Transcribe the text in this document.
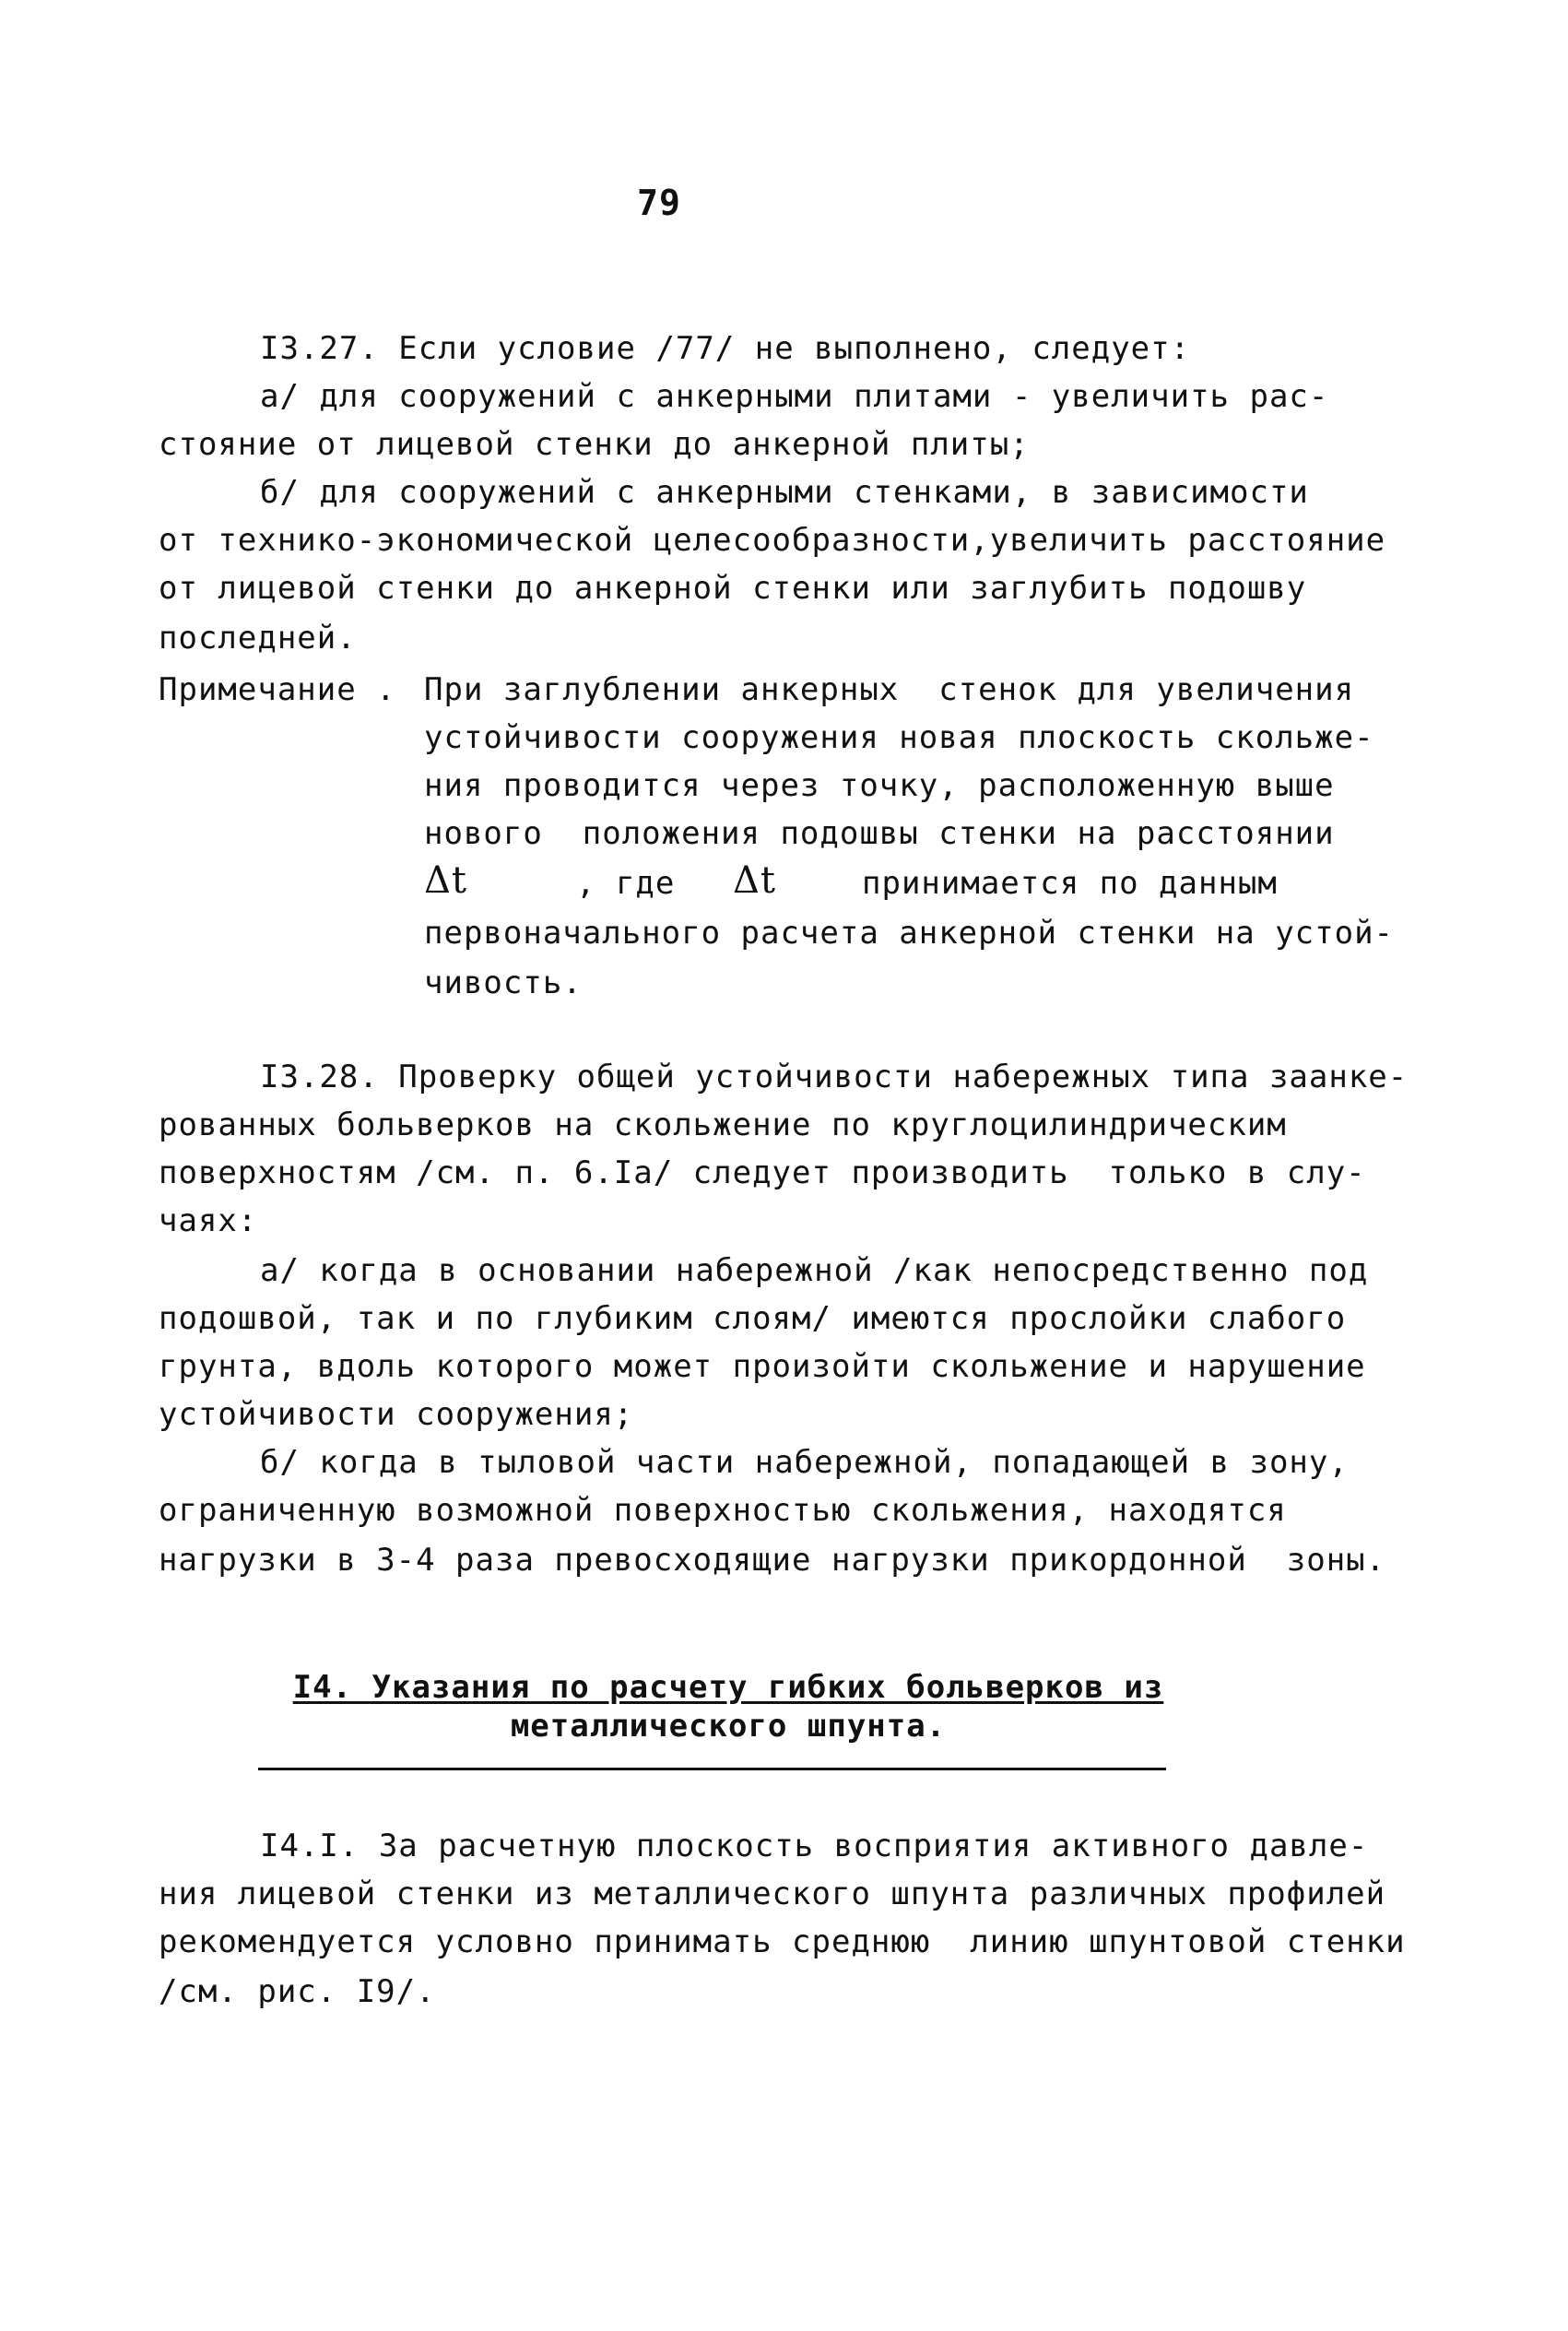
79
I3.27. Если условие /77/ не выполнено, следует:
а/ для сооружений с анкерными плитами - увеличить рас-
стояние от лицевой стенки до анкерной плиты;
б/ для сооружений с анкерными стенками, в зависимости
от технико-экономической целесообразности,увеличить расстояние
от лицевой стенки до анкерной стенки или заглубить подошву
последней.
Примечание . При заглублении анкерных  стенок для увеличения
устойчивости сооружения новая плоскость скольже-
ния проводится через точку, расположенную выше
нового  положения подошвы стенки на расстоянии
Δt	, где Δt	принимается по данным
первоначального расчета анкерной стенки на устой-
чивость.
I3.28. Проверку общей устойчивости набережных типа заанке-
рованных больверков на скольжение по круглоцилиндрическим
поверхностям /см. п. 6.Iа/ следует производить  только в слу-
чаях:
а/ когда в основании набережной /как непосредственно под
подошвой, так и по глубиким слоям/ имеются прослойки слабого
грунта, вдоль которого может произойти скольжение и нарушение
устойчивости сооружения;
б/ когда в тыловой части набережной, попадающей в зону,
ограниченную возможной поверхностью скольжения, находятся
нагрузки в 3-4 раза превосходящие нагрузки прикордонной  зоны.
I4. Указания по расчету гибких больверков из
металлического шпунта.
I4.I. За расчетную плоскость восприятия активного давле-
ния лицевой стенки из металлического шпунта различных профилей
рекомендуется условно принимать среднюю  линию шпунтовой стенки
/см. рис. I9/.
